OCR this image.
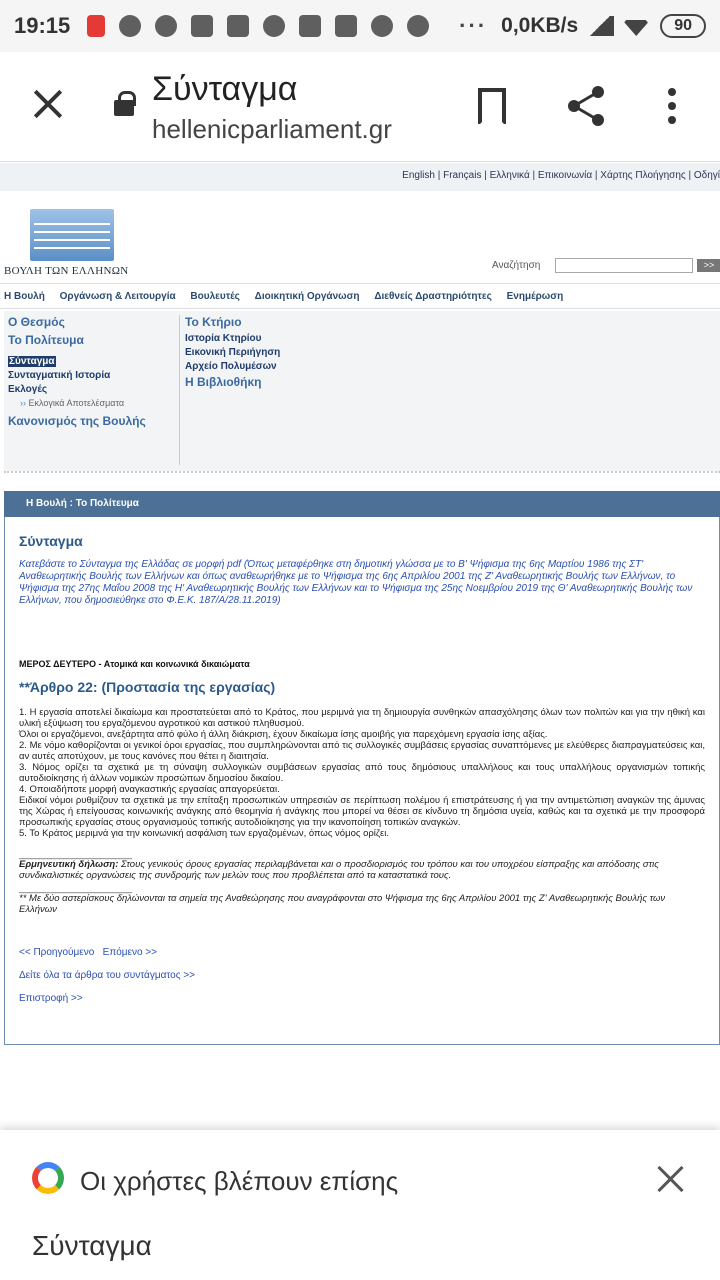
19:15	··· 0,0KB/s	90
Σύνταγμα
hellenicparliament.gr
English | Français | Ελληνικά | Επικοινωνία | Χάρτης Πλοήγησης | Οδηγί
ΒΟΥΛΗ ΤΩΝ ΕΛΛΗΝΩΝ	Αναζήτηση	>>
Η Βουλή Οργάνωση & Λειτουργία Βουλευτές Διοικητική Οργάνωση Διεθνείς Δραστηριότητες Ενημέρωση
Ο Θεσμός
Το Πολίτευμα
Σύνταγμα
Συνταγματική Ιστορία
Εκλογές
›› Εκλογικά Αποτελέσματα
Κανονισμός της Βουλής
Το Κτήριο
Ιστορία Κτηρίου
Εικονική Περιήγηση
Αρχείο Πολυμέσων
Η Βιβλιοθήκη
Η Βουλή : Το Πολίτευμα
Σύνταγμα
Κατεβάστε το Σύνταγμα της Ελλάδας σε μορφή pdf (Όπως μεταφέρθηκε στη δημοτική γλώσσα με το Β' Ψήφισμα της 6ης Μαρτίου 1986 της ΣΤ' Αναθεωρητικής Βουλής των Ελλήνων και όπως αναθεωρήθηκε με το Ψήφισμα της 6ης Απριλίου 2001 της Ζ' Αναθεωρητικής Βουλής των Ελλήνων, το Ψήφισμα της 27ης Μαΐου 2008 της Η' Αναθεωρητικής Βουλής των Ελλήνων και το Ψήφισμα της 25ης Νοεμβρίου 2019 της Θ' Αναθεωρητικής Βουλής των Ελλήνων, που δημοσιεύθηκε στο Φ.Ε.Κ. 187/Α/28.11.2019)
ΜΕΡΟΣ ΔΕΥΤΕΡΟ - Ατομικά και κοινωνικά δικαιώματα
**Άρθρο 22: (Προστασία της εργασίας)
1. Η εργασία αποτελεί δικαίωμα και προστατεύεται από το Κράτος, που μεριμνά για τη δημιουργία συνθηκών απασχόλησης όλων των πολιτών και για την ηθική και υλική εξύψωση του εργαζόμενου αγροτικού και αστικού πληθυσμού.
Όλοι οι εργαζόμενοι, ανεξάρτητα από φύλο ή άλλη διάκριση, έχουν δικαίωμα ίσης αμοιβής για παρεχόμενη εργασία ίσης αξίας.
2. Με νόμο καθορίζονται οι γενικοί όροι εργασίας, που συμπληρώνονται από τις συλλογικές συμβάσεις εργασίας συναπτόμενες με ελεύθερες διαπραγματεύσεις και, αν αυτές αποτύχουν, με τους κανόνες που θέτει η διαιτησία.
3. Νόμος ορίζει τα σχετικά με τη σύναψη συλλογικών συμβάσεων εργασίας από τους δημόσιους υπαλλήλους και τους υπαλλήλους οργανισμών τοπικής αυτοδιοίκησης ή άλλων νομικών προσώπων δημοσίου δικαίου.
4. Οποιαδήποτε μορφή αναγκαστικής εργασίας απαγορεύεται.
Ειδικοί νόμοι ρυθμίζουν τα σχετικά με την επίταξη προσωπικών υπηρεσιών σε περίπτωση πολέμου ή επιστράτευσης ή για την αντιμετώπιση αναγκών της άμυνας της Χώρας ή επείγουσας κοινωνικής ανάγκης από θεομηνία ή ανάγκης που μπορεί να θέσει σε κίνδυνο τη δημόσια υγεία, καθώς και τα σχετικά με την προσφορά προσωπικής εργασίας στους οργανισμούς τοπικής αυτοδιοίκησης για την ικανοποίηση τοπικών αναγκών.
5. Το Κράτος μεριμνά για την κοινωνική ασφάλιση των εργαζομένων, όπως νόμος ορίζει.
____________________________
Ερμηνευτική δήλωση: Στους γενικούς όρους εργασίας περιλαμβάνεται και ο προσδιορισμός του τρόπου και του υποχρέου είσπραξης και απόδοσης στις συνδικαλιστικές οργανώσεις της συνδρομής των μελών τους που προβλέπεται από τα καταστατικά τους.
____________________________
** Με δύο αστερίσκους δηλώνονται τα σημεία της Αναθεώρησης που αναγράφονται στο Ψήφισμα της 6ης Απριλίου 2001 της Ζ' Αναθεωρητικής Βουλής των Ελλήνων
<< Προηγούμενο Επόμενο >>
Δείτε όλα τα άρθρα του συντάγματος >>
Επιστροφή >>
Οι χρήστες βλέπουν επίσης
Σύνταγμα
